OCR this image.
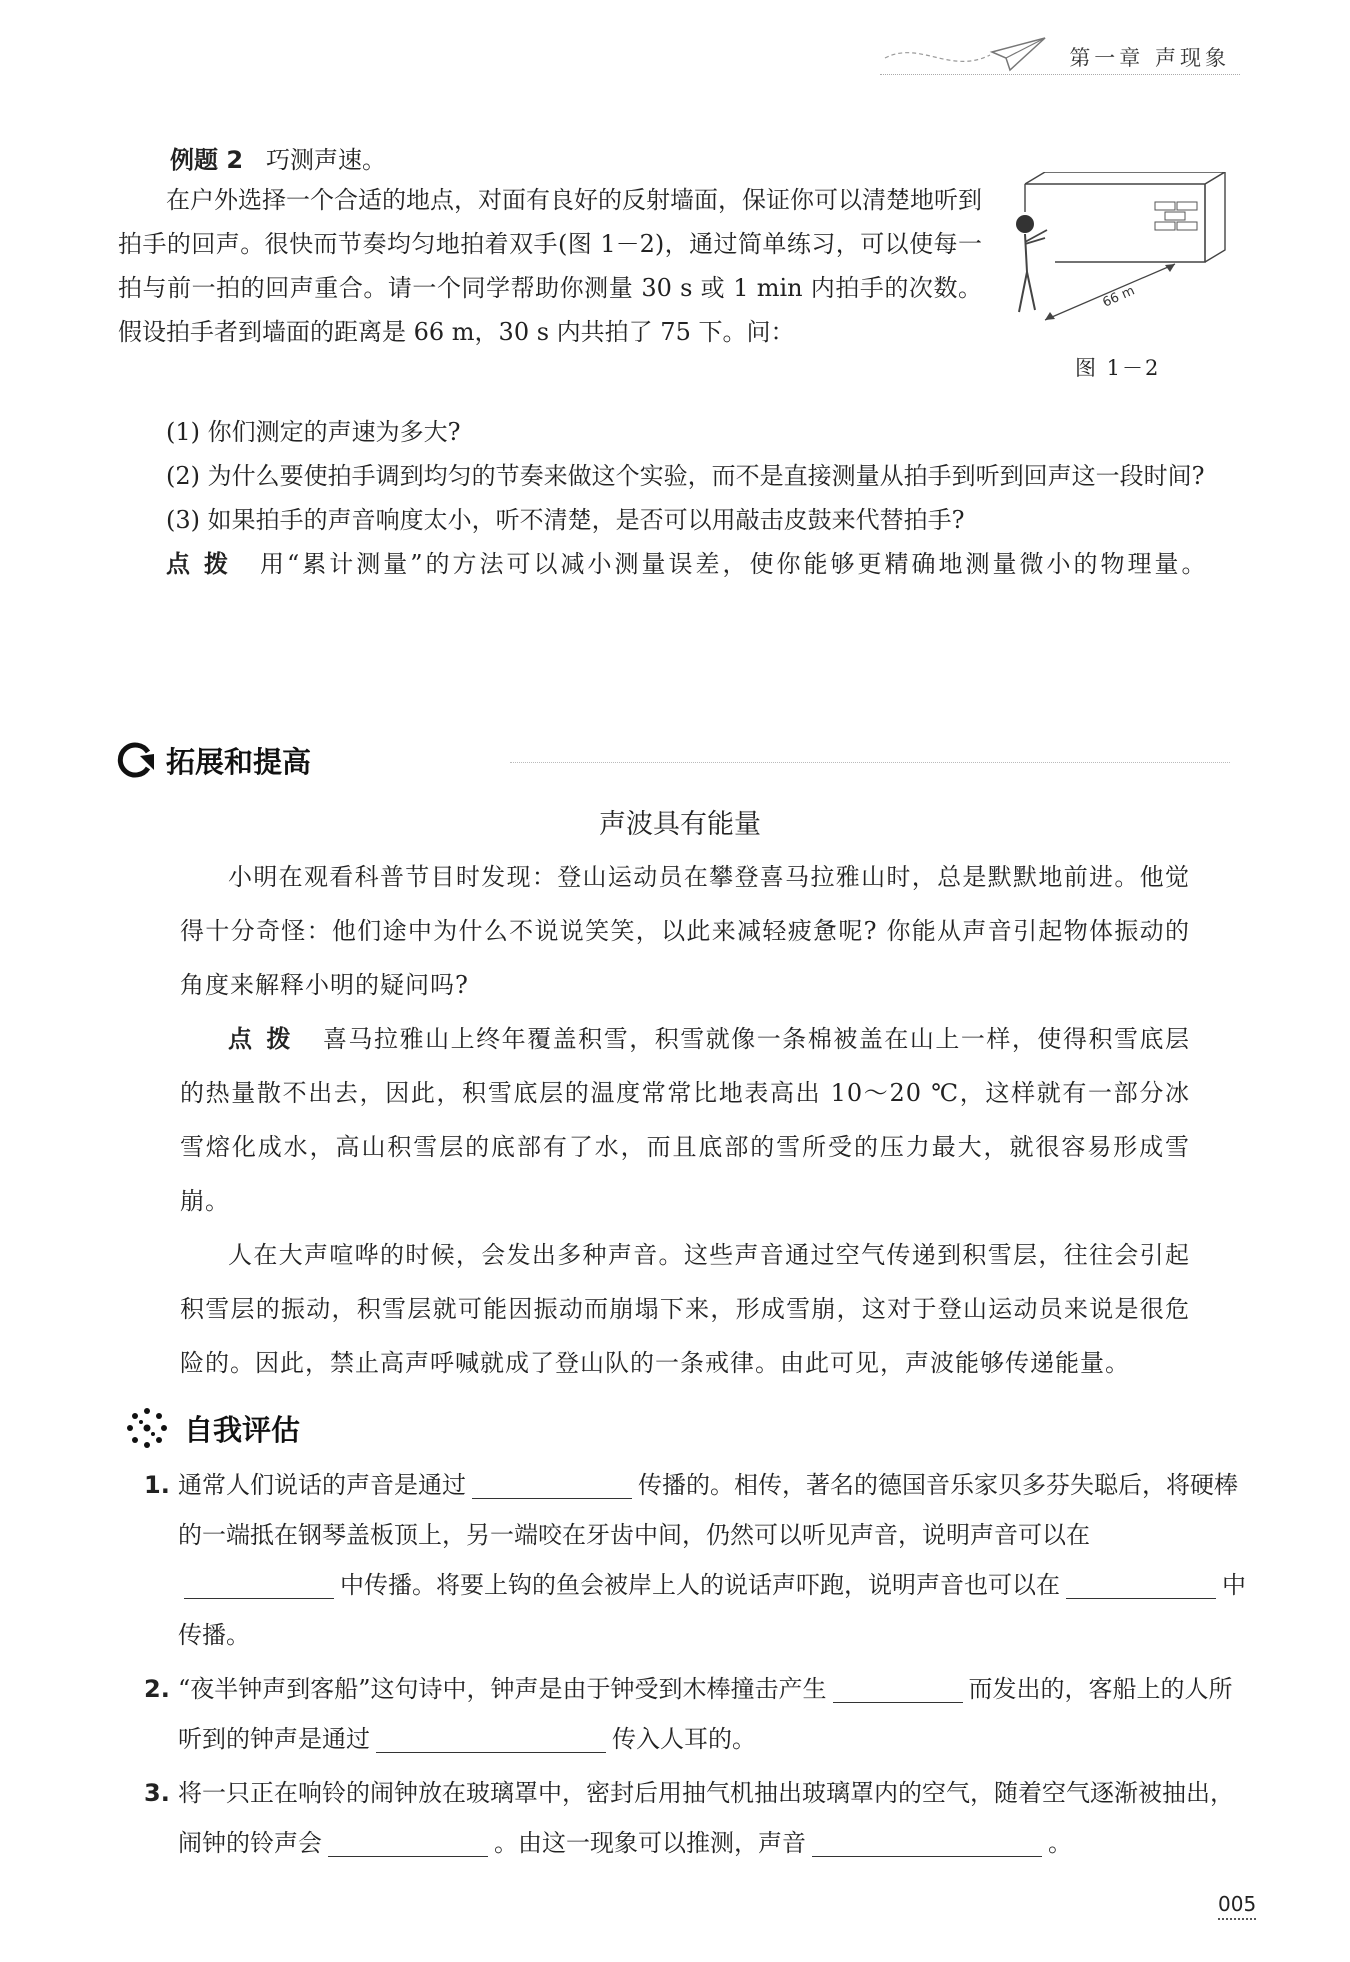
第一章 声现象

例题 2 巧测声速。

在户外选择一个合适的地点，对面有良好的反射墙面，保证你可以清楚地听到拍手的回声。很快而节奏均匀地拍着双手(图 1－2)，通过简单练习，可以使每一拍与前一拍的回声重合。请一个同学帮助你测量 30 s 或 1 min 内拍手的次数。假设拍手者到墙面的距离是 66 m，30 s 内共拍了 75 下。问：

66 m
图 1－2

(1) 你们测定的声速为多大?

(2) 为什么要使拍手调到均匀的节奏来做这个实验，而不是直接测量从拍手到听到回声这一段时间?

(3) 如果拍手的声音响度太小，听不清楚，是否可以用敲击皮鼓来代替拍手?

点拨 用“累计测量”的方法可以减小测量误差，使你能够更精确地测量微小的物理量。

拓展和提高
声波具有能量

小明在观看科普节目时发现：登山运动员在攀登喜马拉雅山时，总是默默地前进。他觉得十分奇怪：他们途中为什么不说说笑笑，以此来减轻疲惫呢? 你能从声音引起物体振动的角度来解释小明的疑问吗?

点拨 喜马拉雅山上终年覆盖积雪，积雪就像一条棉被盖在山上一样，使得积雪底层的热量散不出去，因此，积雪底层的温度常常比地表高出 10～20 ℃，这样就有一部分冰雪熔化成水，高山积雪层的底部有了水，而且底部的雪所受的压力最大，就很容易形成雪崩。

人在大声喧哗的时候，会发出多种声音。这些声音通过空气传递到积雪层，往往会引起积雪层的振动，积雪层就可能因振动而崩塌下来，形成雪崩，这对于登山运动员来说是很危险的。因此，禁止高声呼喊就成了登山队的一条戒律。由此可见，声波能够传递能量。

自我评估

1. 通常人们说话的声音是通过	传播的。相传，著名的德国音乐家贝多芬失聪后，将硬棒的一端抵在钢琴盖板顶上，另一端咬在牙齿中间，仍然可以听见声音，说明声音可以在中传播。将要上钩的鱼会被岸上人的说话声吓跑，说明声音也可以在	中传播。

2. “夜半钟声到客船”这句诗中，钟声是由于钟受到木棒撞击产生	而发出的，客船上的人所听到的钟声是通过	传入人耳的。

3. 将一只正在响铃的闹钟放在玻璃罩中，密封后用抽气机抽出玻璃罩内的空气，随着空气逐渐被抽出，闹钟的铃声会	。由这一现象可以推测，声音	。

005
